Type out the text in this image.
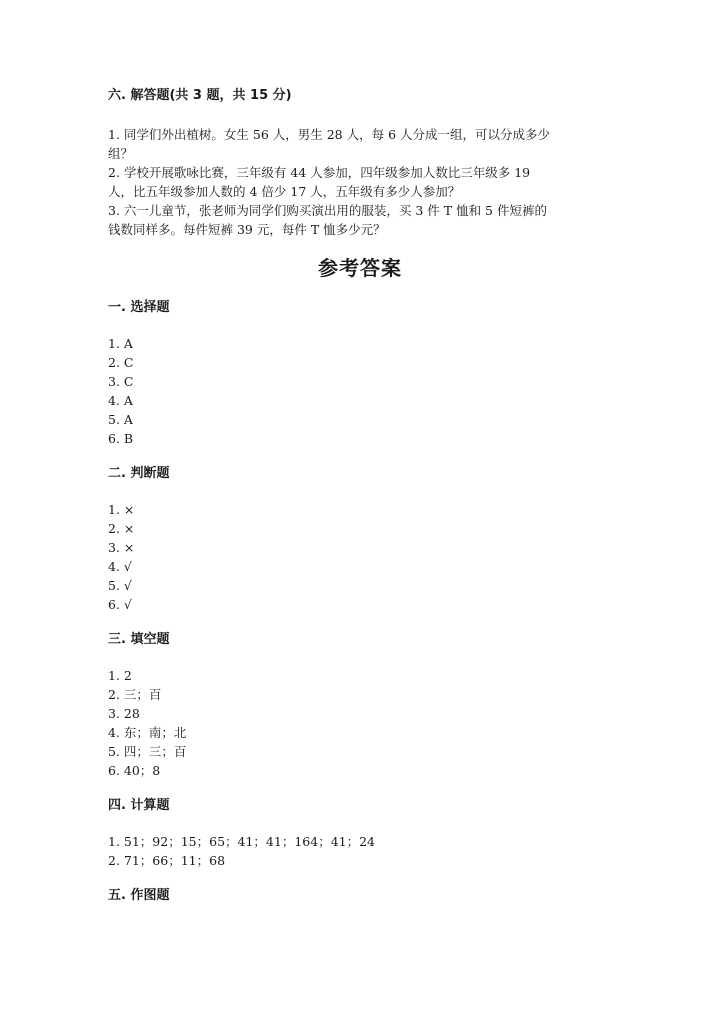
六. 解答题(共 3 题，共 15 分)
1. 同学们外出植树。女生 56 人，男生 28 人，每 6 人分成一组，可以分成多少
组？
2. 学校开展歌咏比赛，三年级有 44 人参加，四年级参加人数比三年级多 19
人，比五年级参加人数的 4 倍少 17 人，五年级有多少人参加？
3. 六一儿童节，张老师为同学们购买演出用的服装，买 3 件 T 恤和 5 件短裤的
钱数同样多。每件短裤 39 元，每件 T 恤多少元？
参考答案
一. 选择题
1. A
2. C
3. C
4. A
5. A
6. B
二. 判断题
1. ×
2. ×
3. ×
4. √
5. √
6. √
三. 填空题
1. 2
2. 三；百
3. 28
4. 东；南；北
5. 四；三；百
6. 40；8
四. 计算题
1. 51；92；15；65；41；41；164；41；24
2. 71；66；11；68
五. 作图题
